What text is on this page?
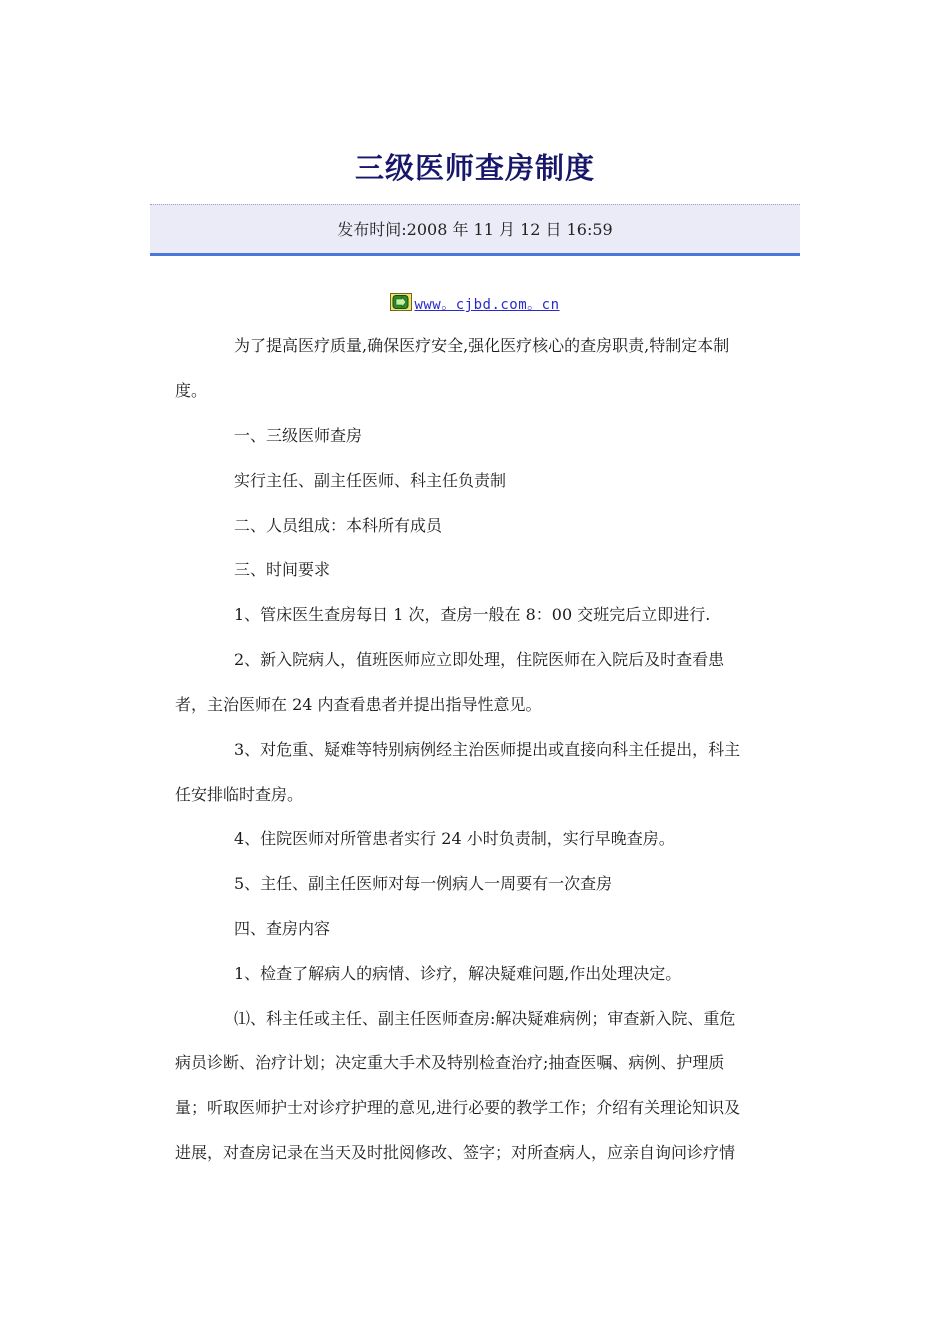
三级医师查房制度
发布时间:2008 年 11 月 12 日 16:59
www。cjbd.com。cn
为了提高医疗质量,确保医疗安全,强化医疗核心的查房职责,特制定本制
度。
一、三级医师查房
实行主任、副主任医师、科主任负责制
二、人员组成：本科所有成员
三、时间要求
1、管床医生查房每日 1 次，查房一般在 8：00 交班完后立即进行.
2、新入院病人，值班医师应立即处理，住院医师在入院后及时查看患
者，主治医师在 24 内查看患者并提出指导性意见。
3、对危重、疑难等特别病例经主治医师提出或直接向科主任提出，科主
任安排临时查房。
4、住院医师对所管患者实行 24 小时负责制，实行早晚查房。
5、主任、副主任医师对每一例病人一周要有一次查房
四、查房内容
1、检查了解病人的病情、诊疗，解决疑难问题,作出处理决定。
⑴、科主任或主任、副主任医师查房:解决疑难病例；审查新入院、重危
病员诊断、治疗计划；决定重大手术及特别检查治疗;抽查医嘱、病例、护理质
量；听取医师护士对诊疗护理的意见,进行必要的教学工作；介绍有关理论知识及
进展，对查房记录在当天及时批阅修改、签字；对所查病人，应亲自询问诊疗情
